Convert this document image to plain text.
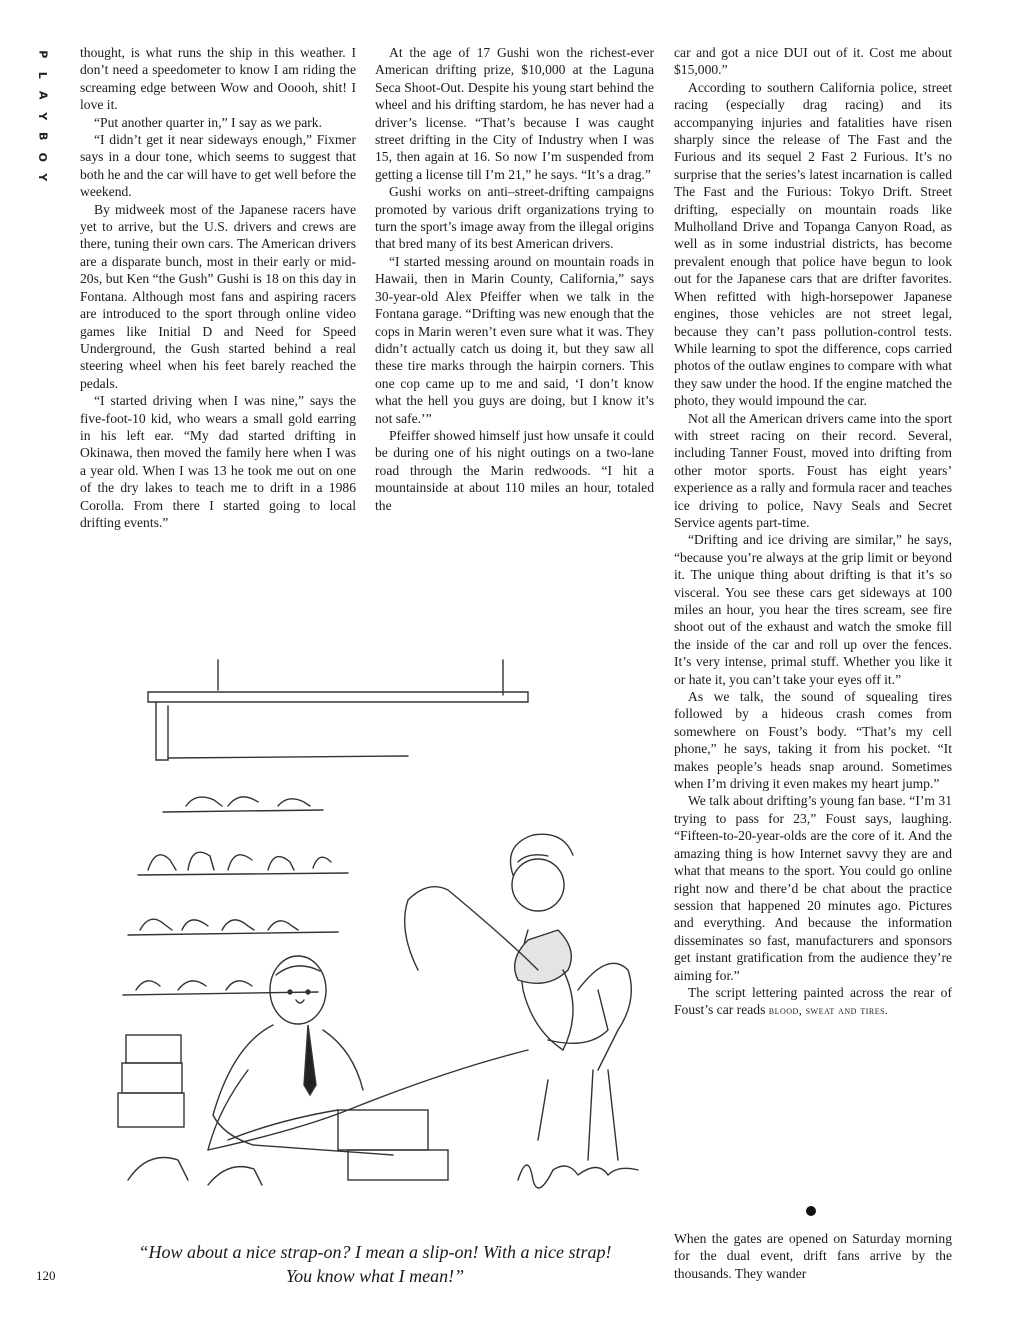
P
L
A
Y
B
O
Y

thought, is what runs the ship in this weather. I don’t need a speedometer to know I am riding the screaming edge between Wow and Ooooh, shit! I love it.

“Put another quarter in,” I say as we park.

“I didn’t get it near sideways enough,” Fixmer says in a dour tone, which seems to suggest that both he and the car will have to get well before the weekend.

By midweek most of the Japanese racers have yet to arrive, but the U.S. drivers and crews are there, tuning their own cars. The American drivers are a disparate bunch, most in their early or mid-20s, but Ken “the Gush” Gushi is 18 on this day in Fontana. Although most fans and aspiring racers are introduced to the sport through online video games like Initial D and Need for Speed Underground, the Gush started behind a real steering wheel when his feet barely reached the pedals.

“I started driving when I was nine,” says the five-foot-10 kid, who wears a small gold earring in his left ear. “My dad started drifting in Okinawa, then moved the family here when I was a year old. When I was 13 he took me out on one of the dry lakes to teach me to drift in a 1986 Corolla. From there I started going to local drifting events.”

At the age of 17 Gushi won the richest-ever American drifting prize, $10,000 at the Laguna Seca Shoot-Out. Despite his young start behind the wheel and his drifting stardom, he has never had a driver’s license. “That’s because I was caught street drifting in the City of Industry when I was 15, then again at 16. So now I’m suspended from getting a license till I’m 21,” he says. “It’s a drag.”

Gushi works on anti–street-drifting campaigns promoted by various drift organizations trying to turn the sport’s image away from the illegal origins that bred many of its best American drivers.

“I started messing around on mountain roads in Hawaii, then in Marin County, California,” says 30-year-old Alex Pfeiffer when we talk in the Fontana garage. “Drifting was new enough that the cops in Marin weren’t even sure what it was. They didn’t actually catch us doing it, but they saw all these tire marks through the hairpin corners. This one cop came up to me and said, ‘I don’t know what the hell you guys are doing, but I know it’s not safe.’”

Pfeiffer showed himself just how unsafe it could be during one of his night outings on a two-lane road through the Marin redwoods. “I hit a mountainside at about 110 miles an hour, totaled the

car and got a nice DUI out of it. Cost me about $15,000.”

According to southern California police, street racing (especially drag racing) and its accompanying injuries and fatalities have risen sharply since the release of The Fast and the Furious and its sequel 2 Fast 2 Furious. It’s no surprise that the series’s latest incarnation is called The Fast and the Furious: Tokyo Drift. Street drifting, especially on mountain roads like Mulholland Drive and Topanga Canyon Road, as well as in some industrial districts, has become prevalent enough that police have begun to look out for the Japanese cars that are drifter favorites. When refitted with high-horsepower Japanese engines, those vehicles are not street legal, because they can’t pass pollution-control tests. While learning to spot the difference, cops carried photos of the outlaw engines to compare with what they saw under the hood. If the engine matched the photo, they would impound the car.

Not all the American drivers came into the sport with street racing on their record. Several, including Tanner Foust, moved into drifting from other motor sports. Foust has eight years’ experience as a rally and formula racer and teaches ice driving to police, Navy Seals and Secret Service agents part-time.

“Drifting and ice driving are similar,” he says, “because you’re always at the grip limit or beyond it. The unique thing about drifting is that it’s so visceral. You see these cars get sideways at 100 miles an hour, you hear the tires scream, see fire shoot out of the exhaust and watch the smoke fill the inside of the car and roll up over the fences. It’s very intense, primal stuff. Whether you like it or hate it, you can’t take your eyes off it.”

As we talk, the sound of squealing tires followed by a hideous crash comes from somewhere on Foust’s body. “That’s my cell phone,” he says, taking it from his pocket. “It makes people’s heads snap around. Sometimes when I’m driving it even makes my heart jump.”

We talk about drifting’s young fan base. “I’m 31 trying to pass for 23,” Foust says, laughing. “Fifteen-to-20-year-olds are the core of it. And the amazing thing is how Internet savvy they are and what that means to the sport. You could go online right now and there’d be chat about the practice session that happened 20 minutes ago. Pictures and everything. And because the information disseminates so fast, manufacturers and sponsors get instant gratification from the audience they’re aiming for.”

The script lettering painted across the rear of Foust’s car reads blood, sweat and tires.

When the gates are opened on Saturday morning for the dual event, drift fans arrive by the thousands. They wander

“How about a nice strap-on? I mean a slip-on! With a nice strap!
You know what I mean!”
120
